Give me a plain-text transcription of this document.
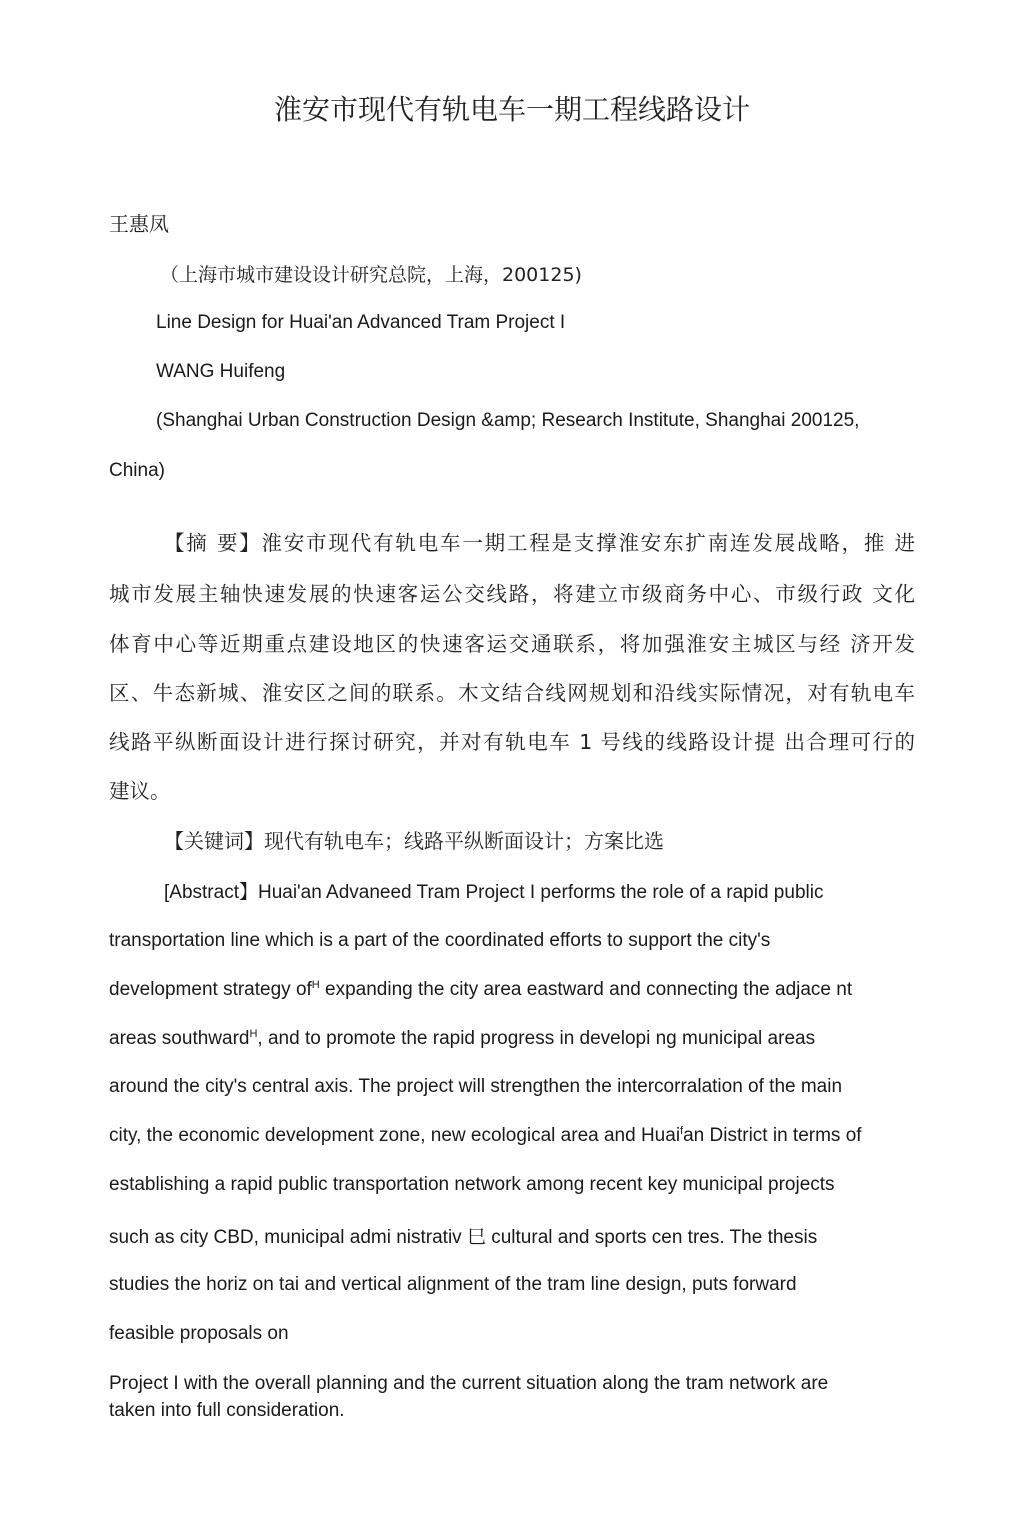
淮安市现代有轨电车一期工程线路设计

王惠凤

（上海市城市建设设计研究总院，上海，200125)

Line Design for Huai'an Advanced Tram Project I

WANG Huifeng

(Shanghai Urban Construction Design &amp; Research Institute, Shanghai 200125,

China)

【摘 要】淮安市现代有轨电车一期工程是支撑淮安东扩南连发展战略，推 进

城市发展主轴快速发展的快速客运公交线路，将建立市级商务中心、市级行政 文化

体育中心等近期重点建设地区的快速客运交通联系，将加强淮安主城区与经 济开发

区、牛态新城、淮安区之间的联系。木文结合线网规划和沿线实际情况，对有轨电车

线路平纵断面设计进行探讨研究，并对有轨电车 1 号线的线路设计提 出合理可行的

建议。

【关键词】现代有轨电车；线路平纵断面设计；方案比选

[Abstract】Huai'an Advaneed Tram Project I performs the role of a rapid public

transportation line which is a part of the coordinated efforts to support the city's

development strategy $of^H$ expanding the city area eastward and connecting the adjace nt

areas southward$^H$, and to promote the rapid progress in developi ng municipal areas

around the city's central axis. The project will strengthen the intercorralation of the main

city, the economic development zone, new ecological area and Huai$^f$an District in terms of

establishing a rapid public transportation network among recent key municipal projects

such as city CBD, municipal admi nistrativ 巳 cultural and sports cen tres. The thesis

studies the horiz on tai and vertical alignment of the tram line design, puts forward

feasible proposals on

Project I with the overall planning and the current situation along the tram network are

taken into full consideration.
